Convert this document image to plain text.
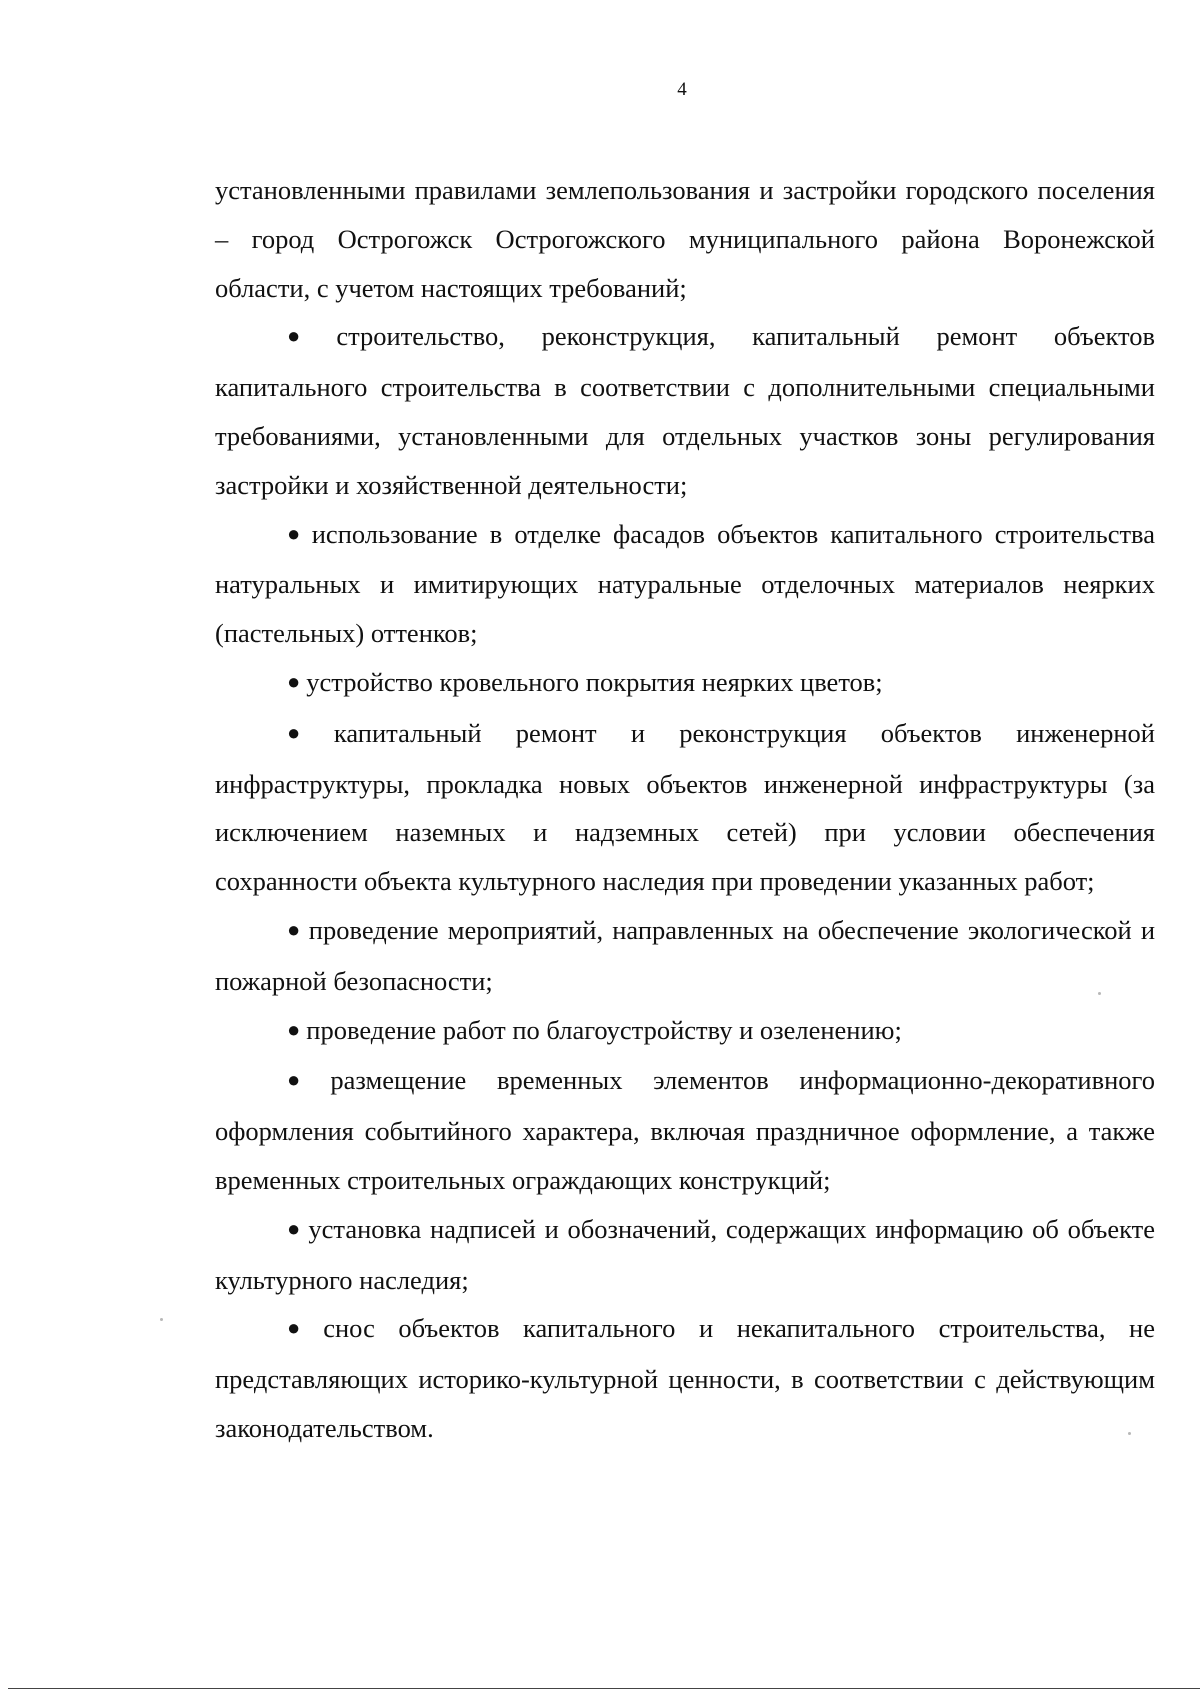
4

установленными правилами землепользования и застройки городского поселения – город Острогожск Острогожского муниципального района Воронежской области, с учетом настоящих требований;

● строительство, реконструкция, капитальный ремонт объектов капитального строительства в соответствии с дополнительными специальными требованиями, установленными для отдельных участков зоны регулирования застройки и хозяйственной деятельности;

● использование в отделке фасадов объектов капитального строительства натуральных и имитирующих натуральные отделочных материалов неярких (пастельных) оттенков;

● устройство кровельного покрытия неярких цветов;

● капитальный ремонт и реконструкция объектов инженерной инфраструктуры, прокладка новых объектов инженерной инфраструктуры (за исключением наземных и надземных сетей) при условии обеспечения сохранности объекта культурного наследия при проведении указанных работ;

● проведение мероприятий, направленных на обеспечение экологической и пожарной безопасности;

● проведение работ по благоустройству и озеленению;

● размещение временных элементов информационно-декоративного оформления событийного характера, включая праздничное оформление, а также временных строительных ограждающих конструкций;

● установка надписей и обозначений, содержащих информацию об объекте культурного наследия;

● снос объектов капитального и некапитального строительства, не представляющих историко-культурной ценности, в соответствии с действующим законодательством.
